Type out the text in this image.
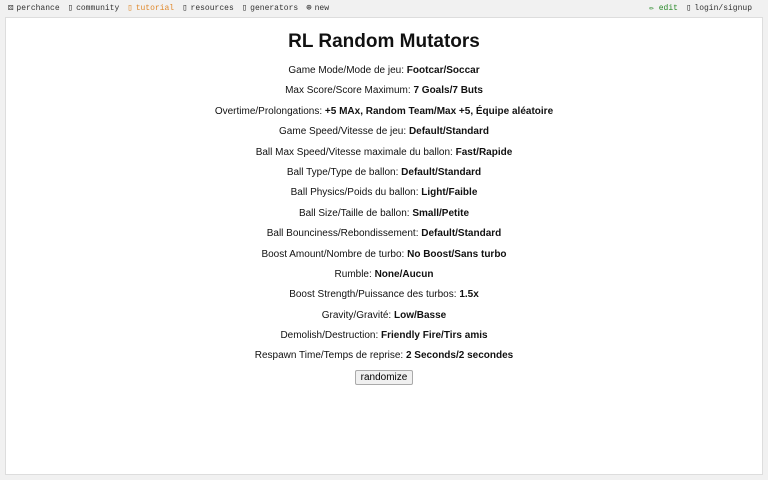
⚄ perchance ▯ community ▯ tutorial ▯ resources ▯ generators ⊕ new	✏ edit ▯ login/signup
RL Random Mutators
Game Mode/Mode de jeu: Footcar/Soccar
Max Score/Score Maximum: 7 Goals/7 Buts
Overtime/Prolongations: +5 MAx, Random Team/Max +5, Équipe aléatoire
Game Speed/Vitesse de jeu: Default/Standard
Ball Max Speed/Vitesse maximale du ballon: Fast/Rapide
Ball Type/Type de ballon: Default/Standard
Ball Physics/Poids du ballon: Light/Faible
Ball Size/Taille de ballon: Small/Petite
Ball Bounciness/Rebondissement: Default/Standard
Boost Amount/Nombre de turbo: No Boost/Sans turbo
Rumble: None/Aucun
Boost Strength/Puissance des turbos: 1.5x
Gravity/Gravité: Low/Basse
Demolish/Destruction: Friendly Fire/Tirs amis
Respawn Time/Temps de reprise: 2 Seconds/2 secondes
randomize
